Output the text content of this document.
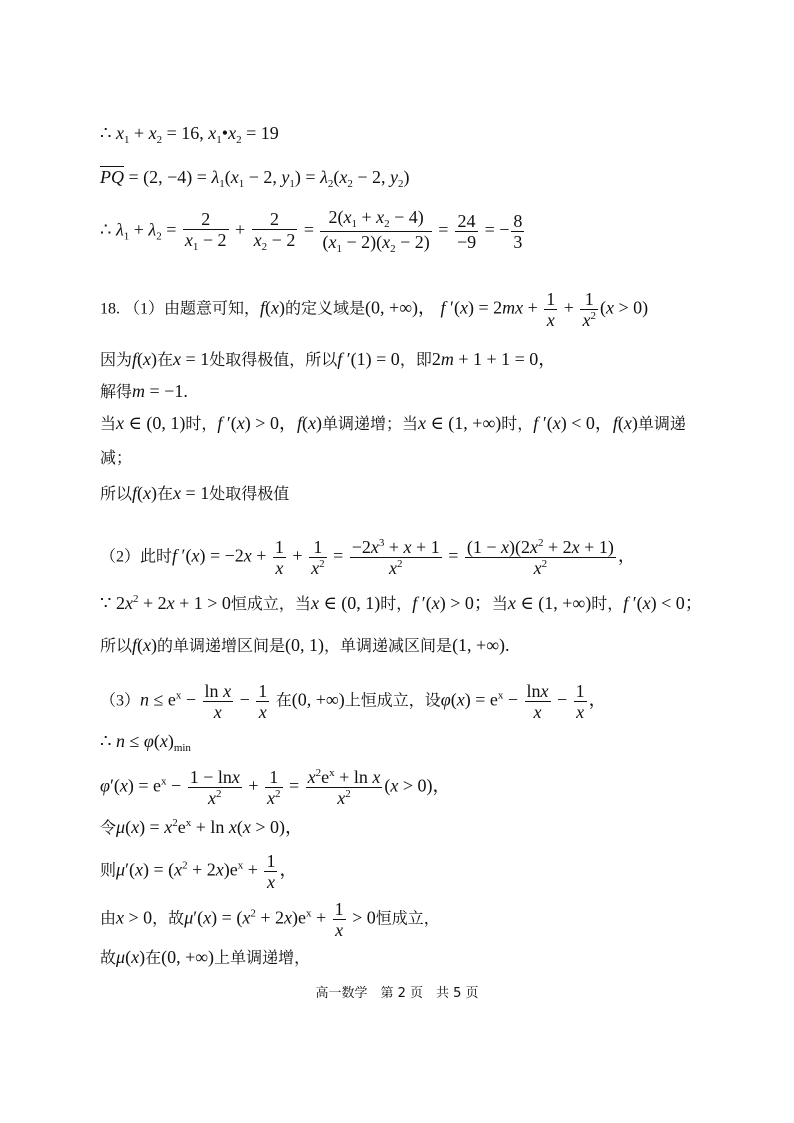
∴ $x_1 + x_2 = 16$, $x_1•x_2 = 19$
$\overline{PQ} = (2$, $-4) = \lambda_1(x_1 - 2$, $y_1) = \lambda_2(x_2 - 2$, $y_2$)
∴ $\lambda_1 + \lambda_2 = \frac{2}{x_1 - 2} + \frac{2}{x_2 - 2} = \frac{2(x_1 + x_2 - 4)}{(x_1 - 2)(x_2 - 2)} = \frac{24}{-9}$ = − $\frac{8}{3}$
18. （1）由题意可知，f(x)的定义域是(0, +∞)， f $'(x) = 2mx + \frac{1}{x} + \frac{1}{x^2} (x > 0)$
因为f(x)在x = 1处取得极值，所以f ′(1) = 0，即2m + 1 + 1 = 0，
解得m = −1.
当x ∈ (0, 1)时，f ′(x) > 0，f(x)单调递增；当x ∈ (1, +∞)时，f ′(x) < 0，f(x)单调递
减；
所以f(x)在x = 1处取得极值
（2）此时f $'(x) = -2x + \frac{1}{x} + \frac{1}{x^2} = \frac{-2x^3 + x + 1}{x^2} = \frac{(1 - x)(2x^2 + 2x + 1)}{x^2}$ ，
∵ $2x^2 + 2x + 1 > 0$恒成立，当x ∈ (0, 1)时，f ′(x) > 0；当x ∈ (1, +∞)时，f ′(x) < 0；
所以f(x)的单调递增区间是(0, 1)，单调递减区间是(1, +∞).
$(3)n \le e^x - \frac{\text{ln x}}{x} - \frac{1}{x}$ 在(0, +∞)上恒成立，设$\varphi(x) = e^x - \frac{\ln x}{x} - \frac{1}{x}$ ，
∴ $n \le \varphi(x)_{min}$
$\varphi'(x) = e^x - \frac{1 - \ln x}{x^2} + \frac{1}{x^2} = \frac{x^2e^x + \ln x}{x^2} (x > 0)$，
令$\mu(x) = x^2e^x + \ln x(x > 0)$，
则$\mu'(x) = (x^2 + 2x)e^x + \frac{1}{x}$ ，
由x > 0，故$\mu'(x) = (x^2 + 2x)e^x + \frac{1}{x} > 0$恒成立，
故μ(x)在(0, +∞)上单调递增，
高一数学　第 2 页　共 5 页
